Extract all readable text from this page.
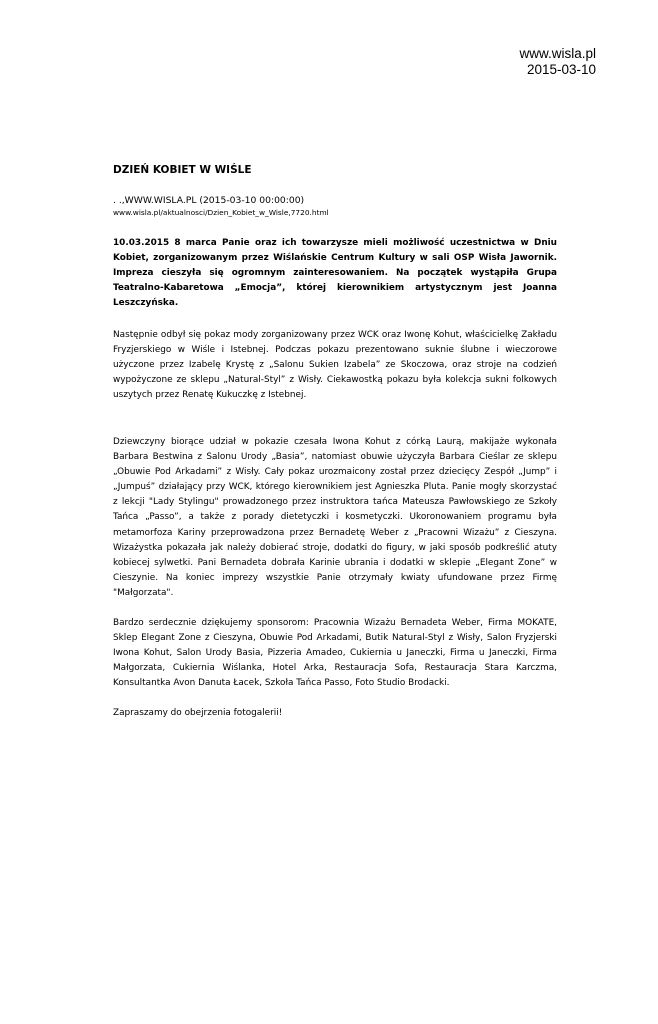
www.wisla.pl
2015-03-10

DZIEŃ KOBIET W WIŚLE

. .,WWW.WISLA.PL (2015-03-10 00:00:00)

www.wisla.pl/aktualnosci/Dzien_Kobiet_w_Wisle,7720.html

10.03.2015 8 marca Panie oraz ich towarzysze mieli możliwość uczestnictwa w Dniu Kobiet, zorganizowanym przez Wiślańskie Centrum Kultury w sali OSP Wisła Jawornik. Impreza cieszyła się ogromnym zainteresowaniem. Na początek wystąpiła Grupa Teatralno-Kabaretowa „Emocja”, której kierownikiem artystycznym jest Joanna Leszczyńska.

Następnie odbył się pokaz mody zorganizowany przez WCK oraz Iwonę Kohut, właścicielkę Zakładu Fryzjerskiego w Wiśle i Istebnej. Podczas pokazu prezentowano suknie ślubne i wieczorowe użyczone przez Izabelę Krystę z „Salonu Sukien Izabela” ze Skoczowa, oraz stroje na codzień wypożyczone ze sklepu „Natural-Styl” z Wisły. Ciekawostką pokazu była kolekcja sukni folkowych uszytych przez Renatę Kukuczkę z Istebnej.

Dziewczyny biorące udział w pokazie czesała Iwona Kohut z córką Laurą, makijaże wykonała Barbara Bestwina z Salonu Urody „Basia”, natomiast obuwie użyczyła Barbara Cieślar ze sklepu „Obuwie Pod Arkadami” z Wisły. Cały pokaz urozmaicony został przez dziecięcy Zespół „Jump” i „Jumpuś” działający przy WCK, którego kierownikiem jest Agnieszka Pluta. Panie mogły skorzystać z lekcji "Lady Stylingu" prowadzonego przez instruktora tańca Mateusza Pawłowskiego ze Szkoły Tańca „Passo”, a także z porady dietetyczki i kosmetyczki. Ukoronowaniem programu była metamorfoza Kariny przeprowadzona przez Bernadetę Weber z „Pracowni Wizażu” z Cieszyna. Wizażystka pokazała jak należy dobierać stroje, dodatki do figury, w jaki sposób podkreślić atuty kobiecej sylwetki. Pani Bernadeta dobrała Karinie ubrania i dodatki w sklepie „Elegant Zone” w Cieszynie. Na koniec imprezy wszystkie Panie otrzymały kwiaty ufundowane przez Firmę "Małgorzata".

Bardzo serdecznie dziękujemy sponsorom: Pracownia Wizażu Bernadeta Weber, Firma MOKATE, Sklep Elegant Zone z Cieszyna, Obuwie Pod Arkadami, Butik Natural-Styl z Wisły, Salon Fryzjerski Iwona Kohut, Salon Urody Basia, Pizzeria Amadeo, Cukiernia u Janeczki, Firma u Janeczki, Firma Małgorzata, Cukiernia Wiślanka, Hotel Arka, Restauracja Sofa, Restauracja Stara Karczma, Konsultantka Avon Danuta Łacek, Szkoła Tańca Passo, Foto Studio Brodacki.

Zapraszamy do obejrzenia fotogalerii!
